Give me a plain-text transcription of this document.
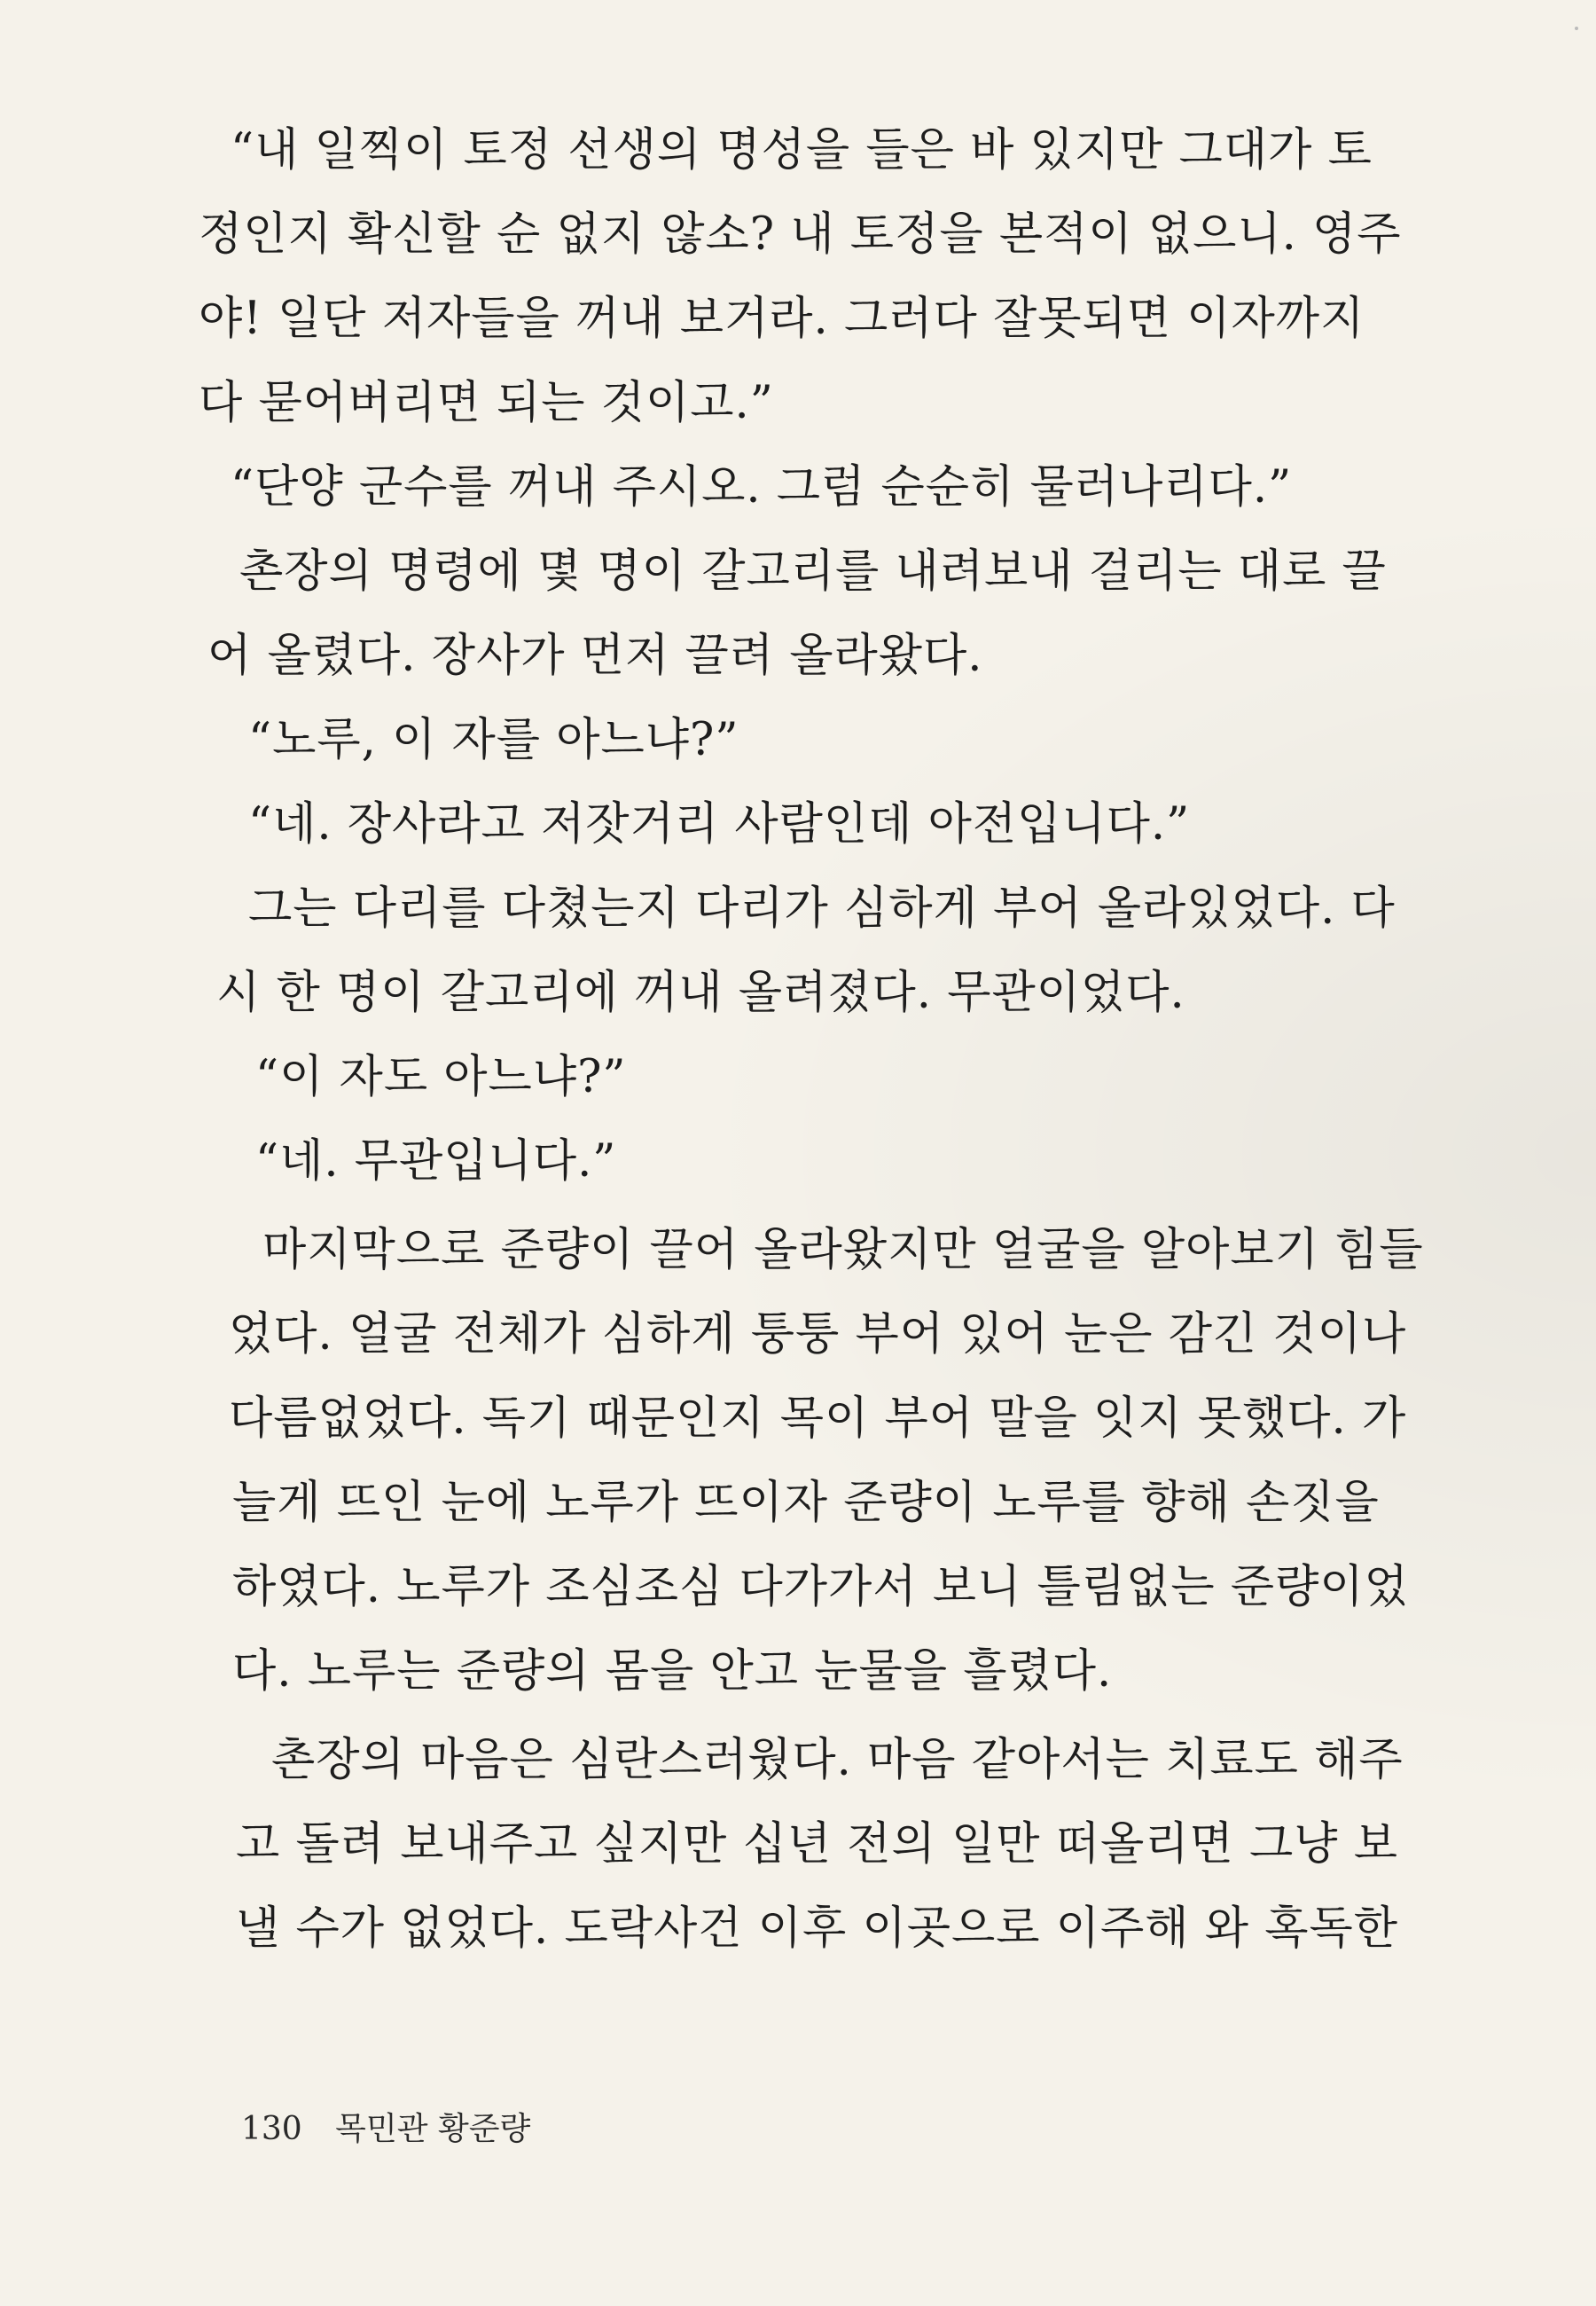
“내 일찍이 토정 선생의 명성을 들은 바 있지만 그대가 토
정인지 확신할 순 없지 않소? 내 토정을 본적이 없으니. 영주
야! 일단 저자들을 꺼내 보거라. 그러다 잘못되면 이자까지
다 묻어버리면 되는 것이고.”
“단양 군수를 꺼내 주시오. 그럼 순순히 물러나리다.”
촌장의 명령에 몇 명이 갈고리를 내려보내 걸리는 대로 끌
어 올렸다. 장사가 먼저 끌려 올라왔다.
“노루, 이 자를 아느냐?”
“네. 장사라고 저잣거리 사람인데 아전입니다.”
그는 다리를 다쳤는지 다리가 심하게 부어 올라있었다. 다
시 한 명이 갈고리에 꺼내 올려졌다. 무관이었다.
“이 자도 아느냐?”
“네. 무관입니다.”
마지막으로 준량이 끌어 올라왔지만 얼굴을 알아보기 힘들
었다. 얼굴 전체가 심하게 퉁퉁 부어 있어 눈은 감긴 것이나
다름없었다. 독기 때문인지 목이 부어 말을 잇지 못했다. 가
늘게 뜨인 눈에 노루가 뜨이자 준량이 노루를 향해 손짓을
하였다. 노루가 조심조심 다가가서 보니 틀림없는 준량이었
다. 노루는 준량의 몸을 안고 눈물을 흘렸다.
촌장의 마음은 심란스러웠다. 마음 같아서는 치료도 해주
고 돌려 보내주고 싶지만 십년 전의 일만 떠올리면 그냥 보
낼 수가 없었다. 도락사건 이후 이곳으로 이주해 와 혹독한
130 목민관 황준량
